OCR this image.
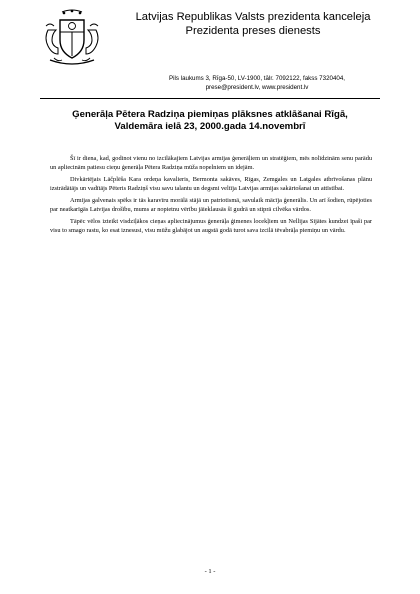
Latvijas Republikas Valsts prezidenta kanceleja
Prezidenta preses dienests
Pils laukums 3, Rīga-50, LV-1900, tālr. 7092122, fakss 7320404,
prese@president.lv, www.president.lv
Ģenerāļa Pētera Radziņa piemiņas plāksnes atklāšanai Rīgā,
Valdemāra ielā 23, 2000.gada 14.novembrī

Šī ir diena, kad, godinot vienu no izcilākajiem Latvijas armijas ģenerāļiem un stratēģiem, mēs nolīdzinām senu parādu un apliecinām patiesu cieņu ģenerāļa Pētera Radziņa mūža nopelniem un idejām.

Divkārtējais Lāčplēša Kara ordeņa kavalieris, Bermonta sakāves, Rīgas, Zemgales un Latgales atbrīvošanas plānu izstrādātājs un vadītājs Pēteris Radziņš visu savu talantu un degsmi veltīja Latvijas armijas sakārtošanai un attīstībai.

Armijas galvenais spēks ir tās karavīru morālā stājā un patriotismā, savulaik mācīja ģenerālis. Un arī šodien, rūpējoties par neatkarīgās Latvijas drošību, mums ar nopietnu vērību jāieklausās šī gudrā un stiprā cilvēka vārdos.

Tāpēc vēlos izteikt visdziļākos cieņas apliecinājumus ģenerāļa ģimenes locekļiem un Nellijas Sijātes kundzei īpaši par visu to smago rastu, ko esat iznesusi, visu mūžu glabājot un augstā godā turot sava izcilā tēvabrāļa piemiņu un vārdu.

- 1 -
